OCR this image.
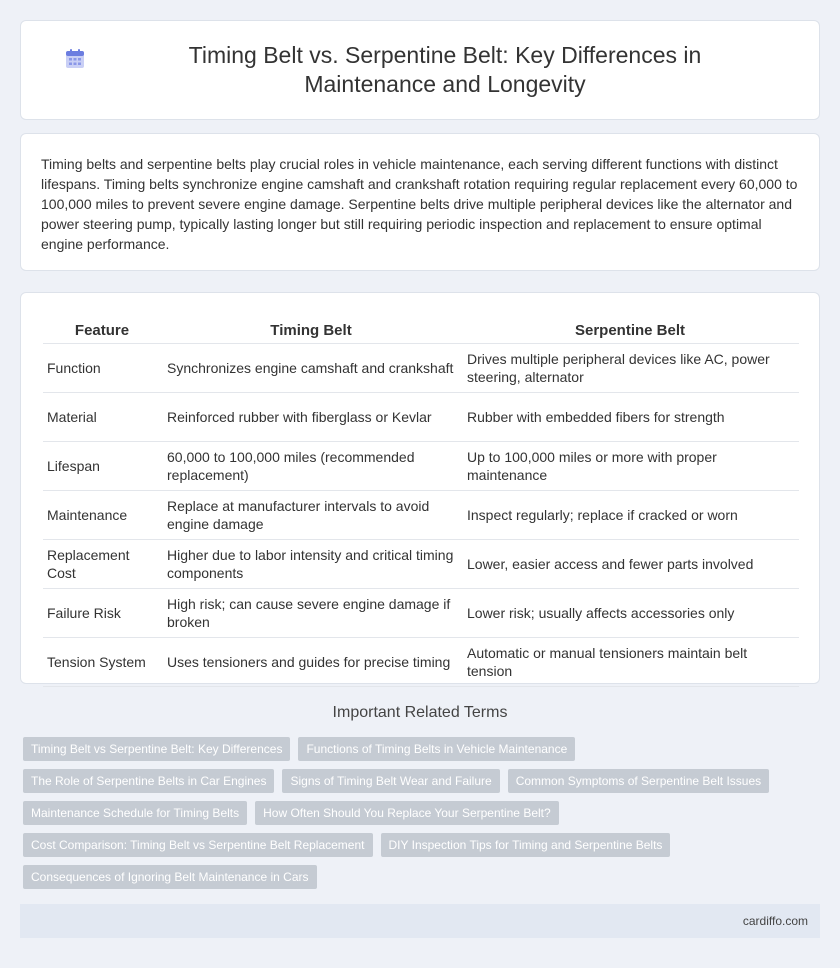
Timing Belt vs. Serpentine Belt: Key Differences in Maintenance and Longevity

Timing belts and serpentine belts play crucial roles in vehicle maintenance, each serving different functions with distinct lifespans. Timing belts synchronize engine camshaft and crankshaft rotation requiring regular replacement every 60,000 to 100,000 miles to prevent severe engine damage. Serpentine belts drive multiple peripheral devices like the alternator and power steering pump, typically lasting longer but still requiring periodic inspection and replacement to ensure optimal engine performance.

Feature	Timing Belt	Serpentine Belt
Function	Synchronizes engine camshaft and crankshaft	Drives multiple peripheral devices like AC, power steering, alternator
Material	Reinforced rubber with fiberglass or Kevlar	Rubber with embedded fibers for strength
Lifespan	60,000 to 100,000 miles (recommended replacement)	Up to 100,000 miles or more with proper maintenance
Maintenance	Replace at manufacturer intervals to avoid engine damage	Inspect regularly; replace if cracked or worn
Replacement Cost	Higher due to labor intensity and critical timing components	Lower, easier access and fewer parts involved
Failure Risk	High risk; can cause severe engine damage if broken	Lower risk; usually affects accessories only
Tension System	Uses tensioners and guides for precise timing	Automatic or manual tensioners maintain belt tension
Important Related Terms
Timing Belt vs Serpentine Belt: Key Differences	Functions of Timing Belts in Vehicle Maintenance
The Role of Serpentine Belts in Car Engines	Signs of Timing Belt Wear and Failure	Common Symptoms of Serpentine Belt Issues
Maintenance Schedule for Timing Belts	How Often Should You Replace Your Serpentine Belt?
Cost Comparison: Timing Belt vs Serpentine Belt Replacement	DIY Inspection Tips for Timing and Serpentine Belts
Consequences of Ignoring Belt Maintenance in Cars
cardiffo.com
